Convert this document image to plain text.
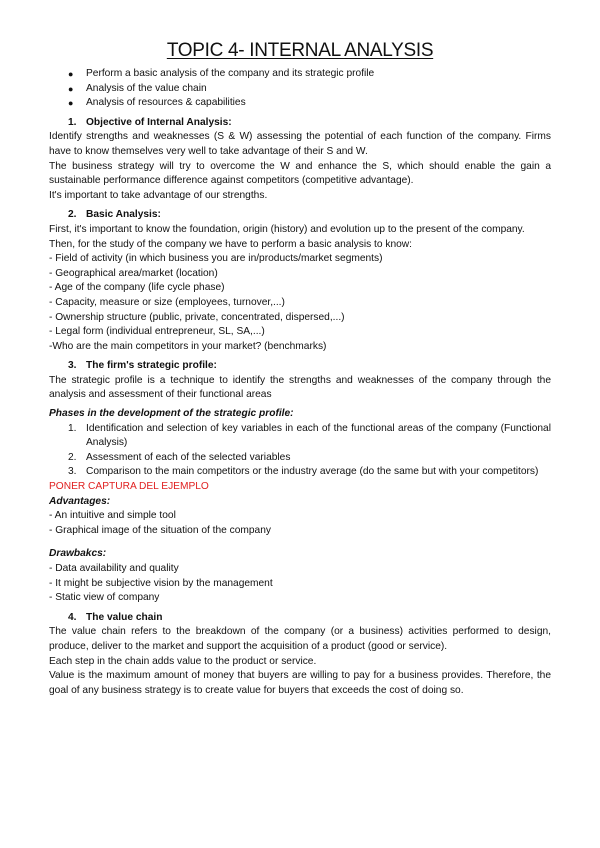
TOPIC 4- INTERNAL ANALYSIS
● Perform a basic analysis of the company and its strategic profile
● Analysis of the value chain
● Analysis of resources & capabilities
1. Objective of Internal Analysis:

Identify strengths and weaknesses (S & W) assessing the potential of each function of the company. Firms have to know themselves very well to take advantage of their S and W.

The business strategy will try to overcome the W and enhance the S, which should enable the gain a sustainable performance difference against competitors (competitive advantage).

It's important to take advantage of our strengths.

2. Basic Analysis:

First, it's important to know the foundation, origin (history) and evolution up to the present of the company.

Then, for the study of the company we have to perform a basic analysis to know:

- Field of activity (in which business you are in/products/market segments)

- Geographical area/market (location)

- Age of the company (life cycle phase)

- Capacity, measure or size (employees, turnover,...)

- Ownership structure (public, private, concentrated, dispersed,...)

- Legal form (individual entrepreneur, SL, SA,...)

-Who are the main competitors in your market? (benchmarks)

3. The firm's strategic profile:

The strategic profile is a technique to identify the strengths and weaknesses of the company through the analysis and assessment of their functional areas

Phases in the development of the strategic profile:
1. Identification and selection of key variables in each of the functional areas of the company (Functional Analysis)
2. Assessment of each of the selected variables
3. Comparison to the main competitors or the industry average (do the same but with your competitors)
PONER CAPTURA DEL EJEMPLO
Advantages:

- An intuitive and simple tool

- Graphical image of the situation of the company

Drawbakcs:

- Data availability and quality

- It might be subjective vision by the management

- Static view of company

4. The value chain

The value chain refers to the breakdown of the company (or a business) activities performed to design, produce, deliver to the market and support the acquisition of a product (good or service).

Each step in the chain adds value to the product or service.

Value is the maximum amount of money that buyers are willing to pay for a business provides. Therefore, the goal of any business strategy is to create value for buyers that exceeds the cost of doing so.
